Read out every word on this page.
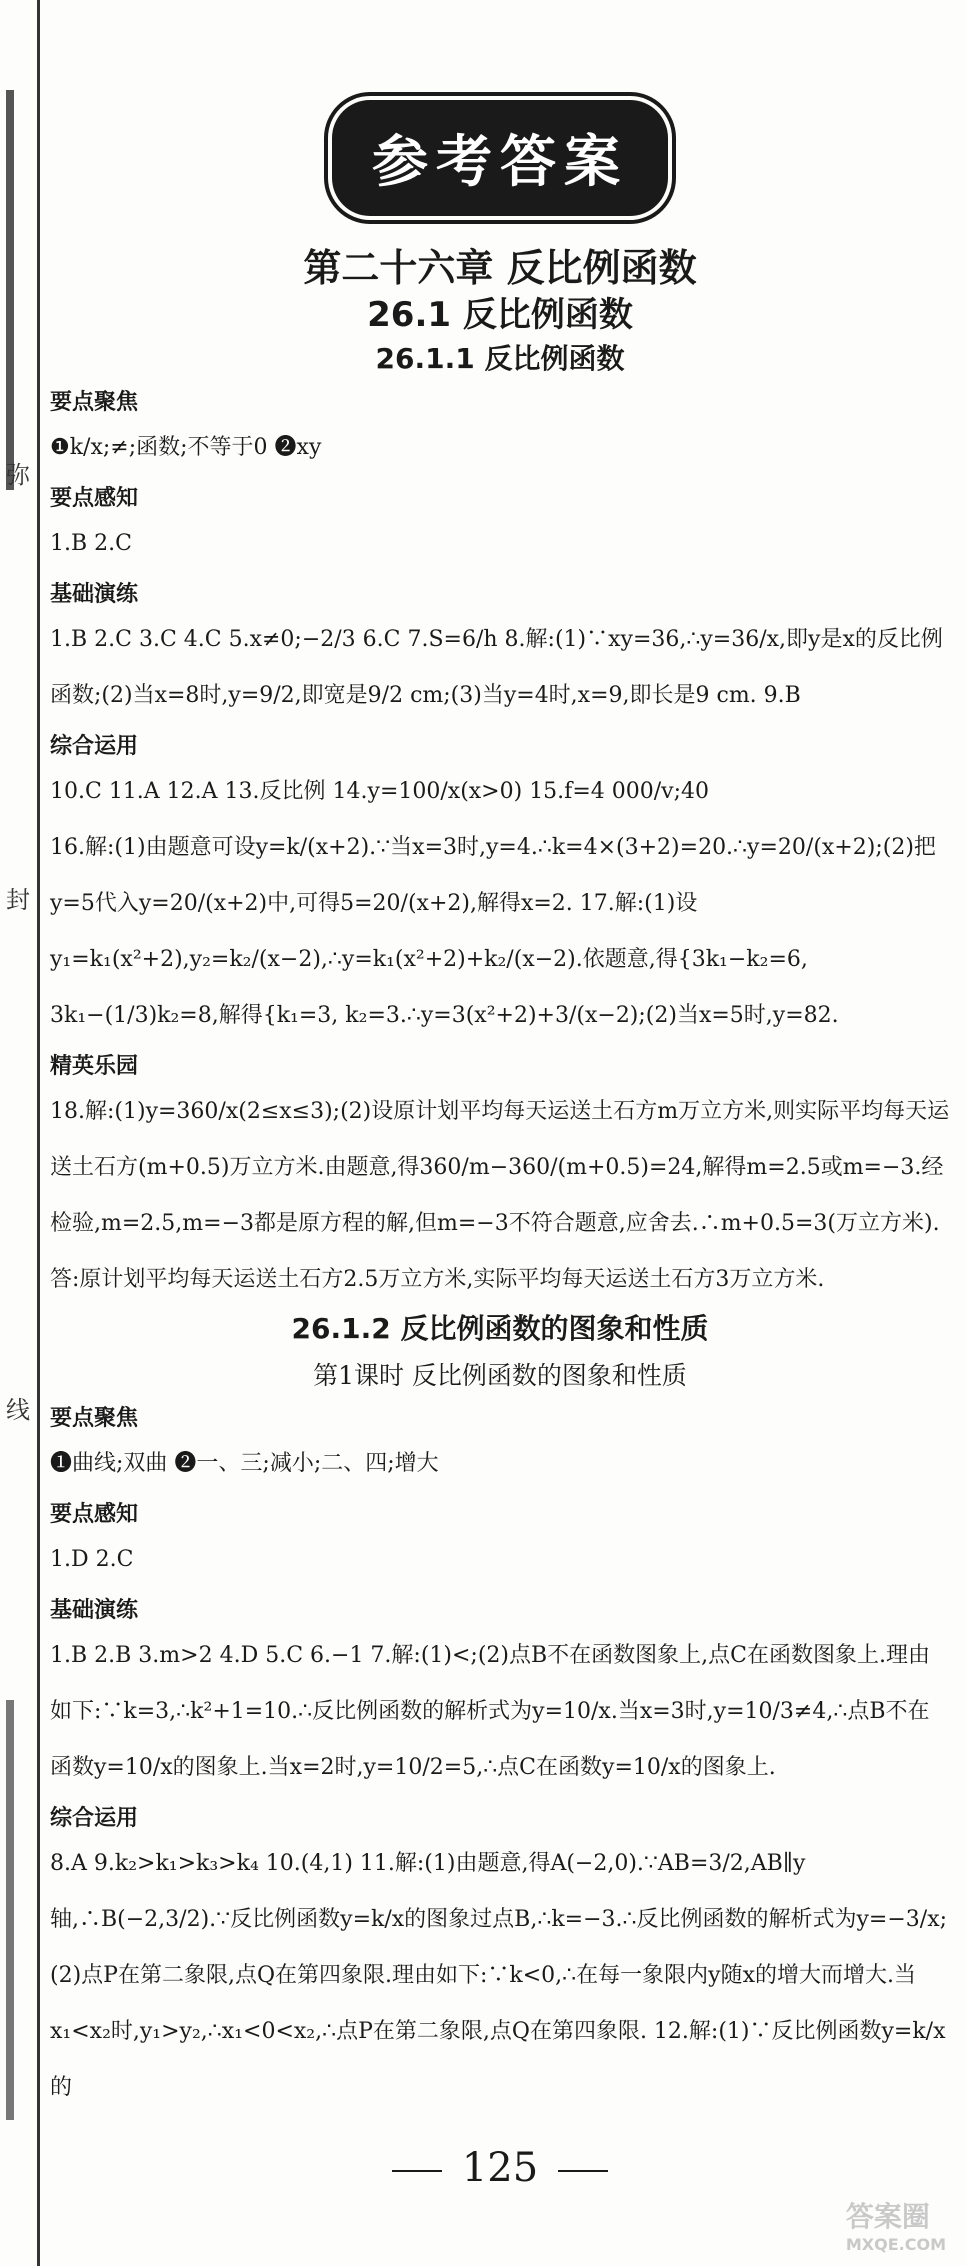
弥
封
线
参考答案
第二十六章 反比例函数
26.1 反比例函数
26.1.1 反比例函数
要点聚焦

❶k/x;≠;函数;不等于0 ❷xy

要点感知

1.B 2.C

基础演练

1.B 2.C 3.C 4.C 5.x≠0;−2/3 6.C 7.S=6/h 8.解:(1)∵xy=36,∴y=36/x,即y是x的反比例函数;(2)当x=8时,y=9/2,即宽是9/2 cm;(3)当y=4时,x=9,即长是9 cm. 9.B

综合运用

10.C 11.A 12.A 13.反比例 14.y=100/x(x>0) 15.f=4 000/v;40

16.解:(1)由题意可设y=k/(x+2).∵当x=3时,y=4.∴k=4×(3+2)=20.∴y=20/(x+2);(2)把y=5代入y=20/(x+2)中,可得5=20/(x+2),解得x=2. 17.解:(1)设y₁=k₁(x²+2),y₂=k₂/(x−2),∴y=k₁(x²+2)+k₂/(x−2).依题意,得{3k₁−k₂=6, 3k₁−(1/3)k₂=8,解得{k₁=3, k₂=3.∴y=3(x²+2)+3/(x−2);(2)当x=5时,y=82.

精英乐园

18.解:(1)y=360/x(2≤x≤3);(2)设原计划平均每天运送土石方m万立方米,则实际平均每天运送土石方(m+0.5)万立方米.由题意,得360/m−360/(m+0.5)=24,解得m=2.5或m=−3.经检验,m=2.5,m=−3都是原方程的解,但m=−3不符合题意,应舍去.∴m+0.5=3(万立方米).答:原计划平均每天运送土石方2.5万立方米,实际平均每天运送土石方3万立方米.

26.1.2 反比例函数的图象和性质
第1课时 反比例函数的图象和性质
要点聚焦

❶曲线;双曲 ❷一、三;减小;二、四;增大

要点感知

1.D 2.C

基础演练

1.B 2.B 3.m>2 4.D 5.C 6.−1 7.解:(1)<;(2)点B不在函数图象上,点C在函数图象上.理由如下:∵k=3,∴k²+1=10.∴反比例函数的解析式为y=10/x.当x=3时,y=10/3≠4,∴点B不在函数y=10/x的图象上.当x=2时,y=10/2=5,∴点C在函数y=10/x的图象上.

综合运用

8.A 9.k₂>k₁>k₃>k₄ 10.(4,1) 11.解:(1)由题意,得A(−2,0).∵AB=3/2,AB∥y轴,∴B(−2,3/2).∵反比例函数y=k/x的图象过点B,∴k=−3.∴反比例函数的解析式为y=−3/x;(2)点P在第二象限,点Q在第四象限.理由如下:∵k<0,∴在每一象限内y随x的增大而增大.当x₁<x₂时,y₁>y₂,∴x₁<0<x₂,∴点P在第二象限,点Q在第四象限. 12.解:(1)∵反比例函数y=k/x的

125
答案圈
MXQE.COM
